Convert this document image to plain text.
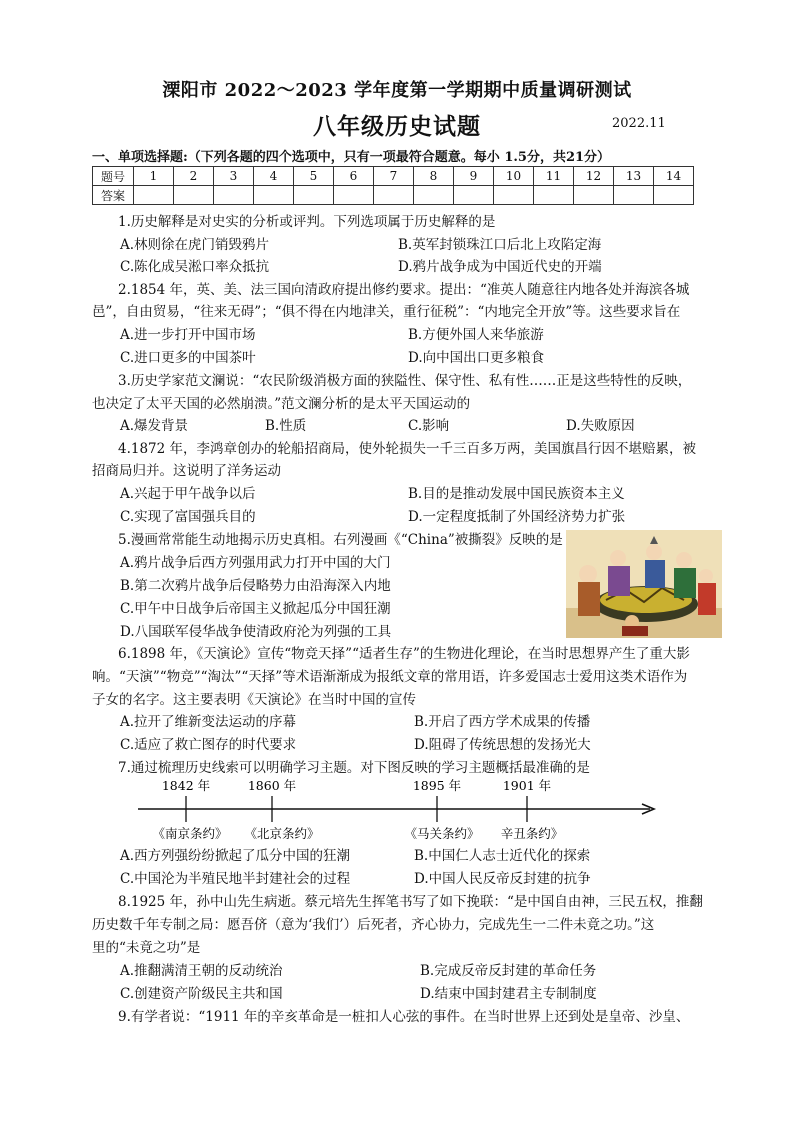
溧阳市 2022～2023 学年度第一学期期中质量调研测试
八年级历史试题	2022.11
一、单项选择题:（下列各题的四个选项中，只有一项最符合题意。每小 1.5分，共21分）
题号	1	2	3	4	5	6	7	8	9	10	11	12	13	14
答案														
1.历史解释是对史实的分析或评判。下列选项属于历史解释的是
A.林则徐在虎门销毁鸦片	B.英军封锁珠江口后北上攻陷定海
C.陈化成吴淞口率众抵抗	D.鸦片战争成为中国近代史的开端
2.1854 年，英、美、法三国向清政府提出修约要求。提出：“准英人随意往内地各处并海滨各城
邑”，自由贸易，“往来无碍”；“俱不得在内地津关，重行征税”：“内地完全开放”等。这些要求旨在
A.进一步打开中国市场	B.方便外国人来华旅游
C.进口更多的中国茶叶	D.向中国出口更多粮食
3.历史学家范文澜说：“农民阶级消极方面的狭隘性、保守性、私有性……正是这些特性的反映，
也决定了太平天国的必然崩溃。”范文澜分析的是太平天国运动的
A.爆发背景	B.性质	C.影响	D.失败原因
4.1872 年，李鸿章创办的轮船招商局，使外轮损失一千三百多万两，美国旗昌行因不堪赔累，被
招商局归并。这说明了洋务运动
A.兴起于甲午战争以后	B.目的是推动发展中国民族资本主义
C.实现了富国强兵目的	D.一定程度抵制了外国经济势力扩张
5.漫画常常能生动地揭示历史真相。右列漫画《“China”被撕裂》反映的是
A.鸦片战争后西方列强用武力打开中国的大门
B.第二次鸦片战争后侵略势力由沿海深入内地
C.甲午中日战争后帝国主义掀起瓜分中国狂潮
D.八国联军侵华战争使清政府沦为列强的工具
6.1898 年，《天演论》宣传“物竞天择”“适者生存”的生物进化理论，在当时思想界产生了重大影
响。“天演”“物竞”“淘汰”“天择”等术语渐渐成为报纸文章的常用语，许多爱国志士爱用这类术语作为
子女的名字。这主要表明《天演论》在当时中国的宣传
A.拉开了维新变法运动的序幕	B.开启了西方学术成果的传播
C.适应了救亡图存的时代要求	D.阻碍了传统思想的发扬光大
7.通过梳理历史线索可以明确学习主题。对下图反映的学习主题概括最准确的是
1842 年	1860 年	1895 年	1901 年
《南京条约》 《北京条约》	《马关条约》 辛丑条约》
A.西方列强纷纷掀起了瓜分中国的狂潮	B.中国仁人志士近代化的探索
C.中国沦为半殖民地半封建社会的过程	D.中国人民反帝反封建的抗争
8.1925 年，孙中山先生病逝。蔡元培先生挥笔书写了如下挽联：“是中国自由神，三民五权，推翻
历史数千年专制之局：愿吾侪（意为‘我们’）后死者，齐心协力，完成先生一二件未竟之功。”这
里的“未竟之功”是
A.推翻满清王朝的反动统治	B.完成反帝反封建的革命任务
C.创建资产阶级民主共和国	D.结束中国封建君主专制制度
9.有学者说：“1911 年的辛亥革命是一桩扣人心弦的事件。在当时世界上还到处是皇帝、沙皇、
